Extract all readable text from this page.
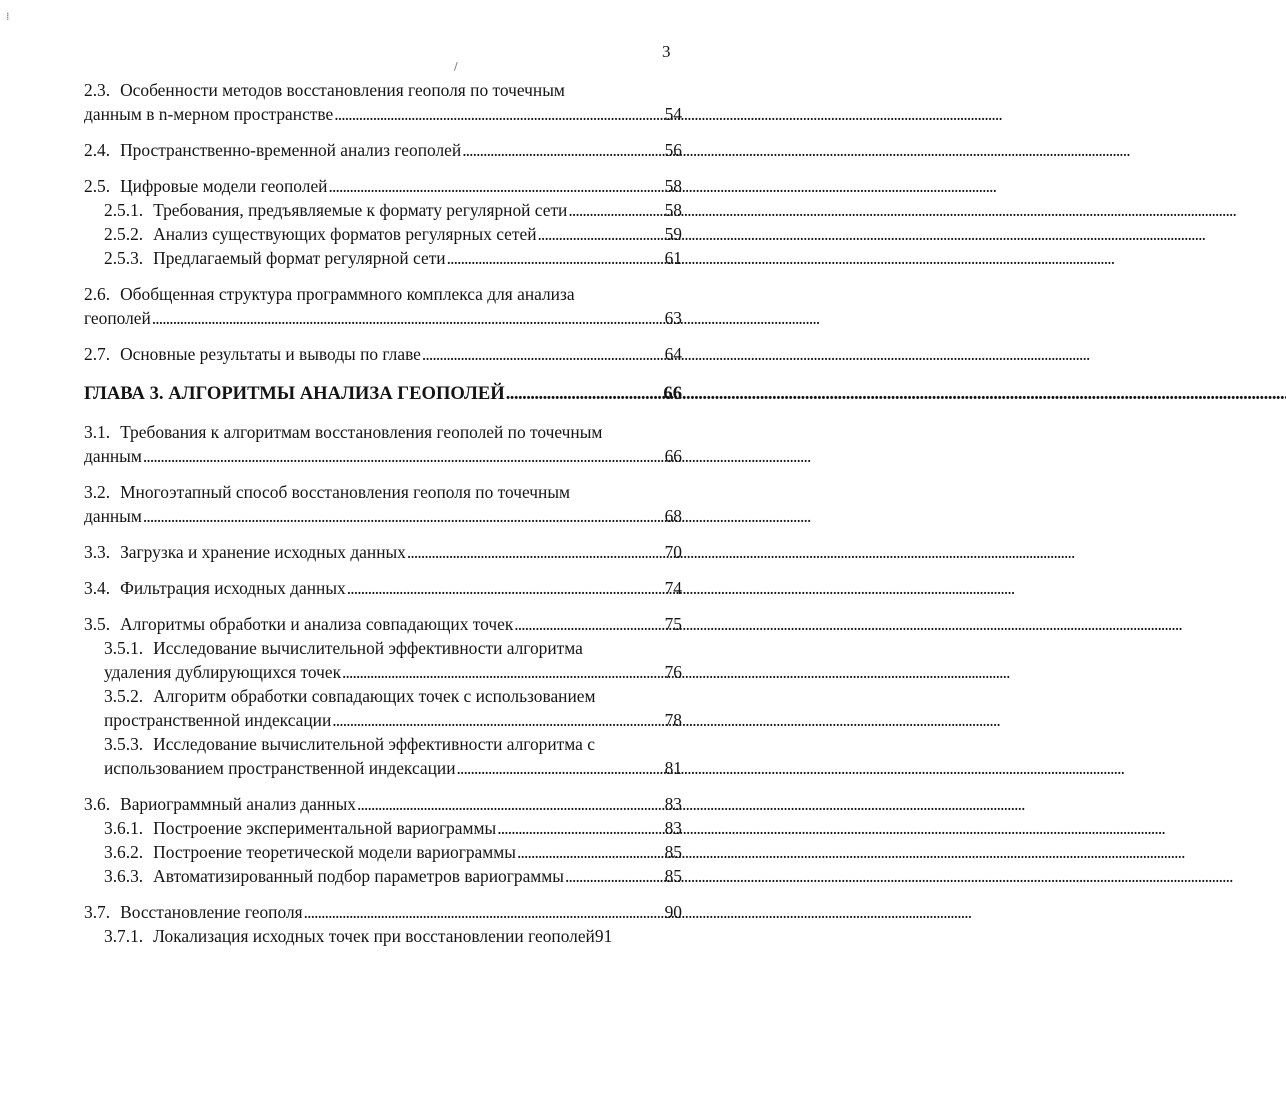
3
⁞
/
2.3. Особенности методов восстановления геополя по точечным
данным в n-мерном пространстве . . .	54
2.4. Пространственно-временной анализ геополей . . .	56
2.5. Цифровые модели геополей . . .	58
2.5.1. Требования, предъявляемые к формату регулярной сети . . .	58
2.5.2. Анализ существующих форматов регулярных сетей . . .	59
2.5.3. Предлагаемый формат регулярной сети . . .	61
2.6. Обобщенная структура программного комплекса для анализа
геополей . . .	63
2.7. Основные результаты и выводы по главе . . .	64
ГЛАВА 3. АЛГОРИТМЫ АНАЛИЗА ГЕОПОЛЕЙ . . .	66
3.1. Требования к алгоритмам восстановления геополей по точечным
данным . . .	66
3.2. Многоэтапный способ восстановления геополя по точечным
данным . . .	68
3.3. Загрузка и хранение исходных данных . . .	70
3.4. Фильтрация исходных данных . . .	74
3.5. Алгоритмы обработки и анализа совпадающих точек . . .	75
3.5.1. Исследование вычислительной эффективности алгоритма
удаления дублирующихся точек . . .	76
3.5.2. Алгоритм обработки совпадающих точек с использованием
пространственной индексации . . .	78
3.5.3. Исследование вычислительной эффективности алгоритма с
использованием пространственной индексации . . .	81
3.6. Вариограммный анализ данных . . .	83
3.6.1. Построение экспериментальной вариограммы . . .	83
3.6.2. Построение теоретической модели вариограммы . . .	85
3.6.3. Автоматизированный подбор параметров вариограммы . . .	85
3.7. Восстановление геополя . . .	90
3.7.1. Локализация исходных точек при восстановлении геополей 91
